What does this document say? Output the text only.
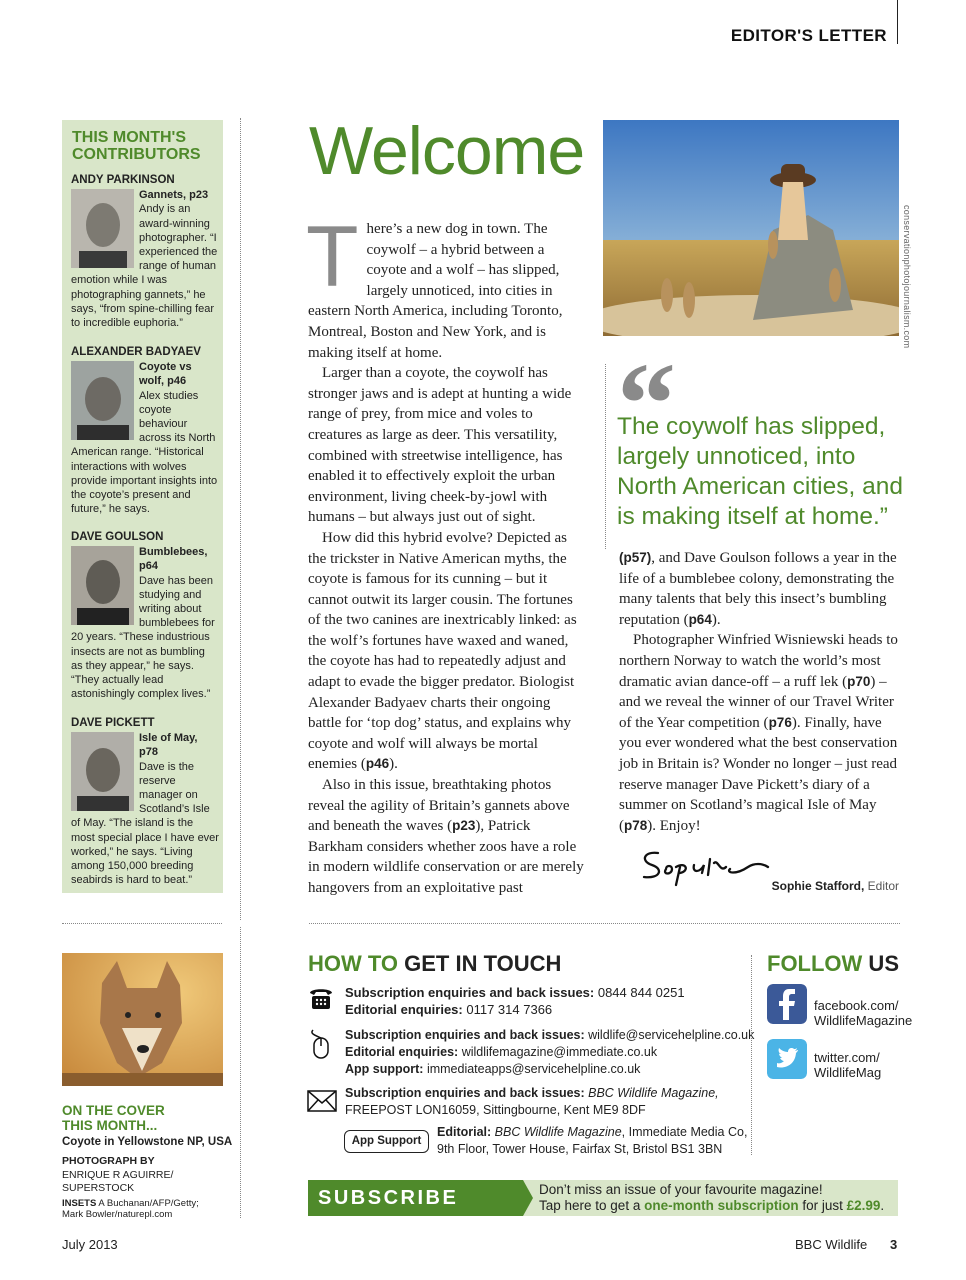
EDITOR'S LETTER
THIS MONTH'S
CONTRIBUTORS
ANDY PARKINSON
Gannets, p23
Andy is an award-winning photographer. “I experienced the range of human emotion while I was photographing gannets,” he says, “from spine-chilling fear to incredible euphoria.”
ALEXANDER BADYAEV
Coyote vs wolf, p46
Alex studies coyote behaviour across its North American range. “Historical interactions with wolves provide important insights into the coyote’s present and future,” he says.
DAVE GOULSON
Bumblebees, p64
Dave has been studying and writing about bumblebees for 20 years. “These industrious insects are not as bumbling as they appear,” he says. “They actually lead astonishingly complex lives.”
DAVE PICKETT
Isle of May, p78
Dave is the reserve manager on Scotland’s Isle of May. “The island is the most special place I have ever worked,” he says. “Living among 150,000 breeding seabirds is hard to beat.”
Welcome

There’s a new dog in town. The coywolf – a hybrid between a coyote and a wolf – has slipped, largely unnoticed, into cities in eastern North America, including Toronto, Montreal, Boston and New York, and is making itself at home.

Larger than a coyote, the coywolf has stronger jaws and is adept at hunting a wide range of prey, from mice and voles to creatures as large as deer. This versatility, combined with streetwise intelligence, has enabled it to effectively exploit the urban environment, living cheek-by-jowl with humans – but always just out of sight.

How did this hybrid evolve? Depicted as the trickster in Native American myths, the coyote is famous for its cunning – but it cannot outwit its larger cousin. The fortunes of the two canines are inextricably linked: as the wolf’s fortunes have waxed and waned, the coyote has had to repeatedly adjust and adapt to evade the bigger predator. Biologist Alexander Badyaev charts their ongoing battle for ‘top dog’ status, and explains why coyote and wolf will always be mortal enemies (p46).

Also in this issue, breathtaking photos reveal the agility of Britain’s gannets above and beneath the waves (p23), Patrick Barkham considers whether zoos have a role in modern wildlife conservation or are merely hangovers from an exploitative past

conservationphotojournalism.com
“
The coywolf has slipped, largely unnoticed, into North American cities, and is making itself at home.”

(p57), and Dave Goulson follows a year in the life of a bumblebee colony, demonstrating the many talents that bely this insect’s bumbling reputation (p64).

Photographer Winfried Wisniewski heads to northern Norway to watch the world’s most dramatic avian dance-off – a ruff lek (p70) – and we reveal the winner of our Travel Writer of the Year competition (p76). Finally, have you ever wondered what the best conservation job in Britain is? Wonder no longer – just read reserve manager Dave Pickett’s diary of a summer on Scotland’s magical Isle of May (p78). Enjoy!

Sophie Stafford, Editor
ON THE COVER
THIS MONTH...
Coyote in Yellowstone NP, USA
PHOTOGRAPH BY
ENRIQUE R AGUIRRE/ SUPERSTOCK
INSETS A Buchanan/AFP/Getty; Mark Bowler/naturepl.com
HOW TO GET IN TOUCH
Subscription enquiries and back issues: 0844 844 0251
Editorial enquiries: 0117 314 7366
Subscription enquiries and back issues: wildlife@servicehelpline.co.uk
Editorial enquiries: wildlifemagazine@immediate.co.uk
App support: immediateapps@servicehelpline.co.uk
Subscription enquiries and back issues: BBC Wildlife Magazine,
FREEPOST LON16059, Sittingbourne, Kent ME9 8DF
App Support
Editorial: BBC Wildlife Magazine, Immediate Media Co,
9th Floor, Tower House, Fairfax St, Bristol BS1 3BN
FOLLOW US
facebook.com/
WildlifeMagazine
twitter.com/
WildlifeMag
SUBSCRIBE TODAY
Don’t miss an issue of your favourite magazine!
Tap here to get a one-month subscription for just £2.99.
July 2013	BBC Wildlife 3
